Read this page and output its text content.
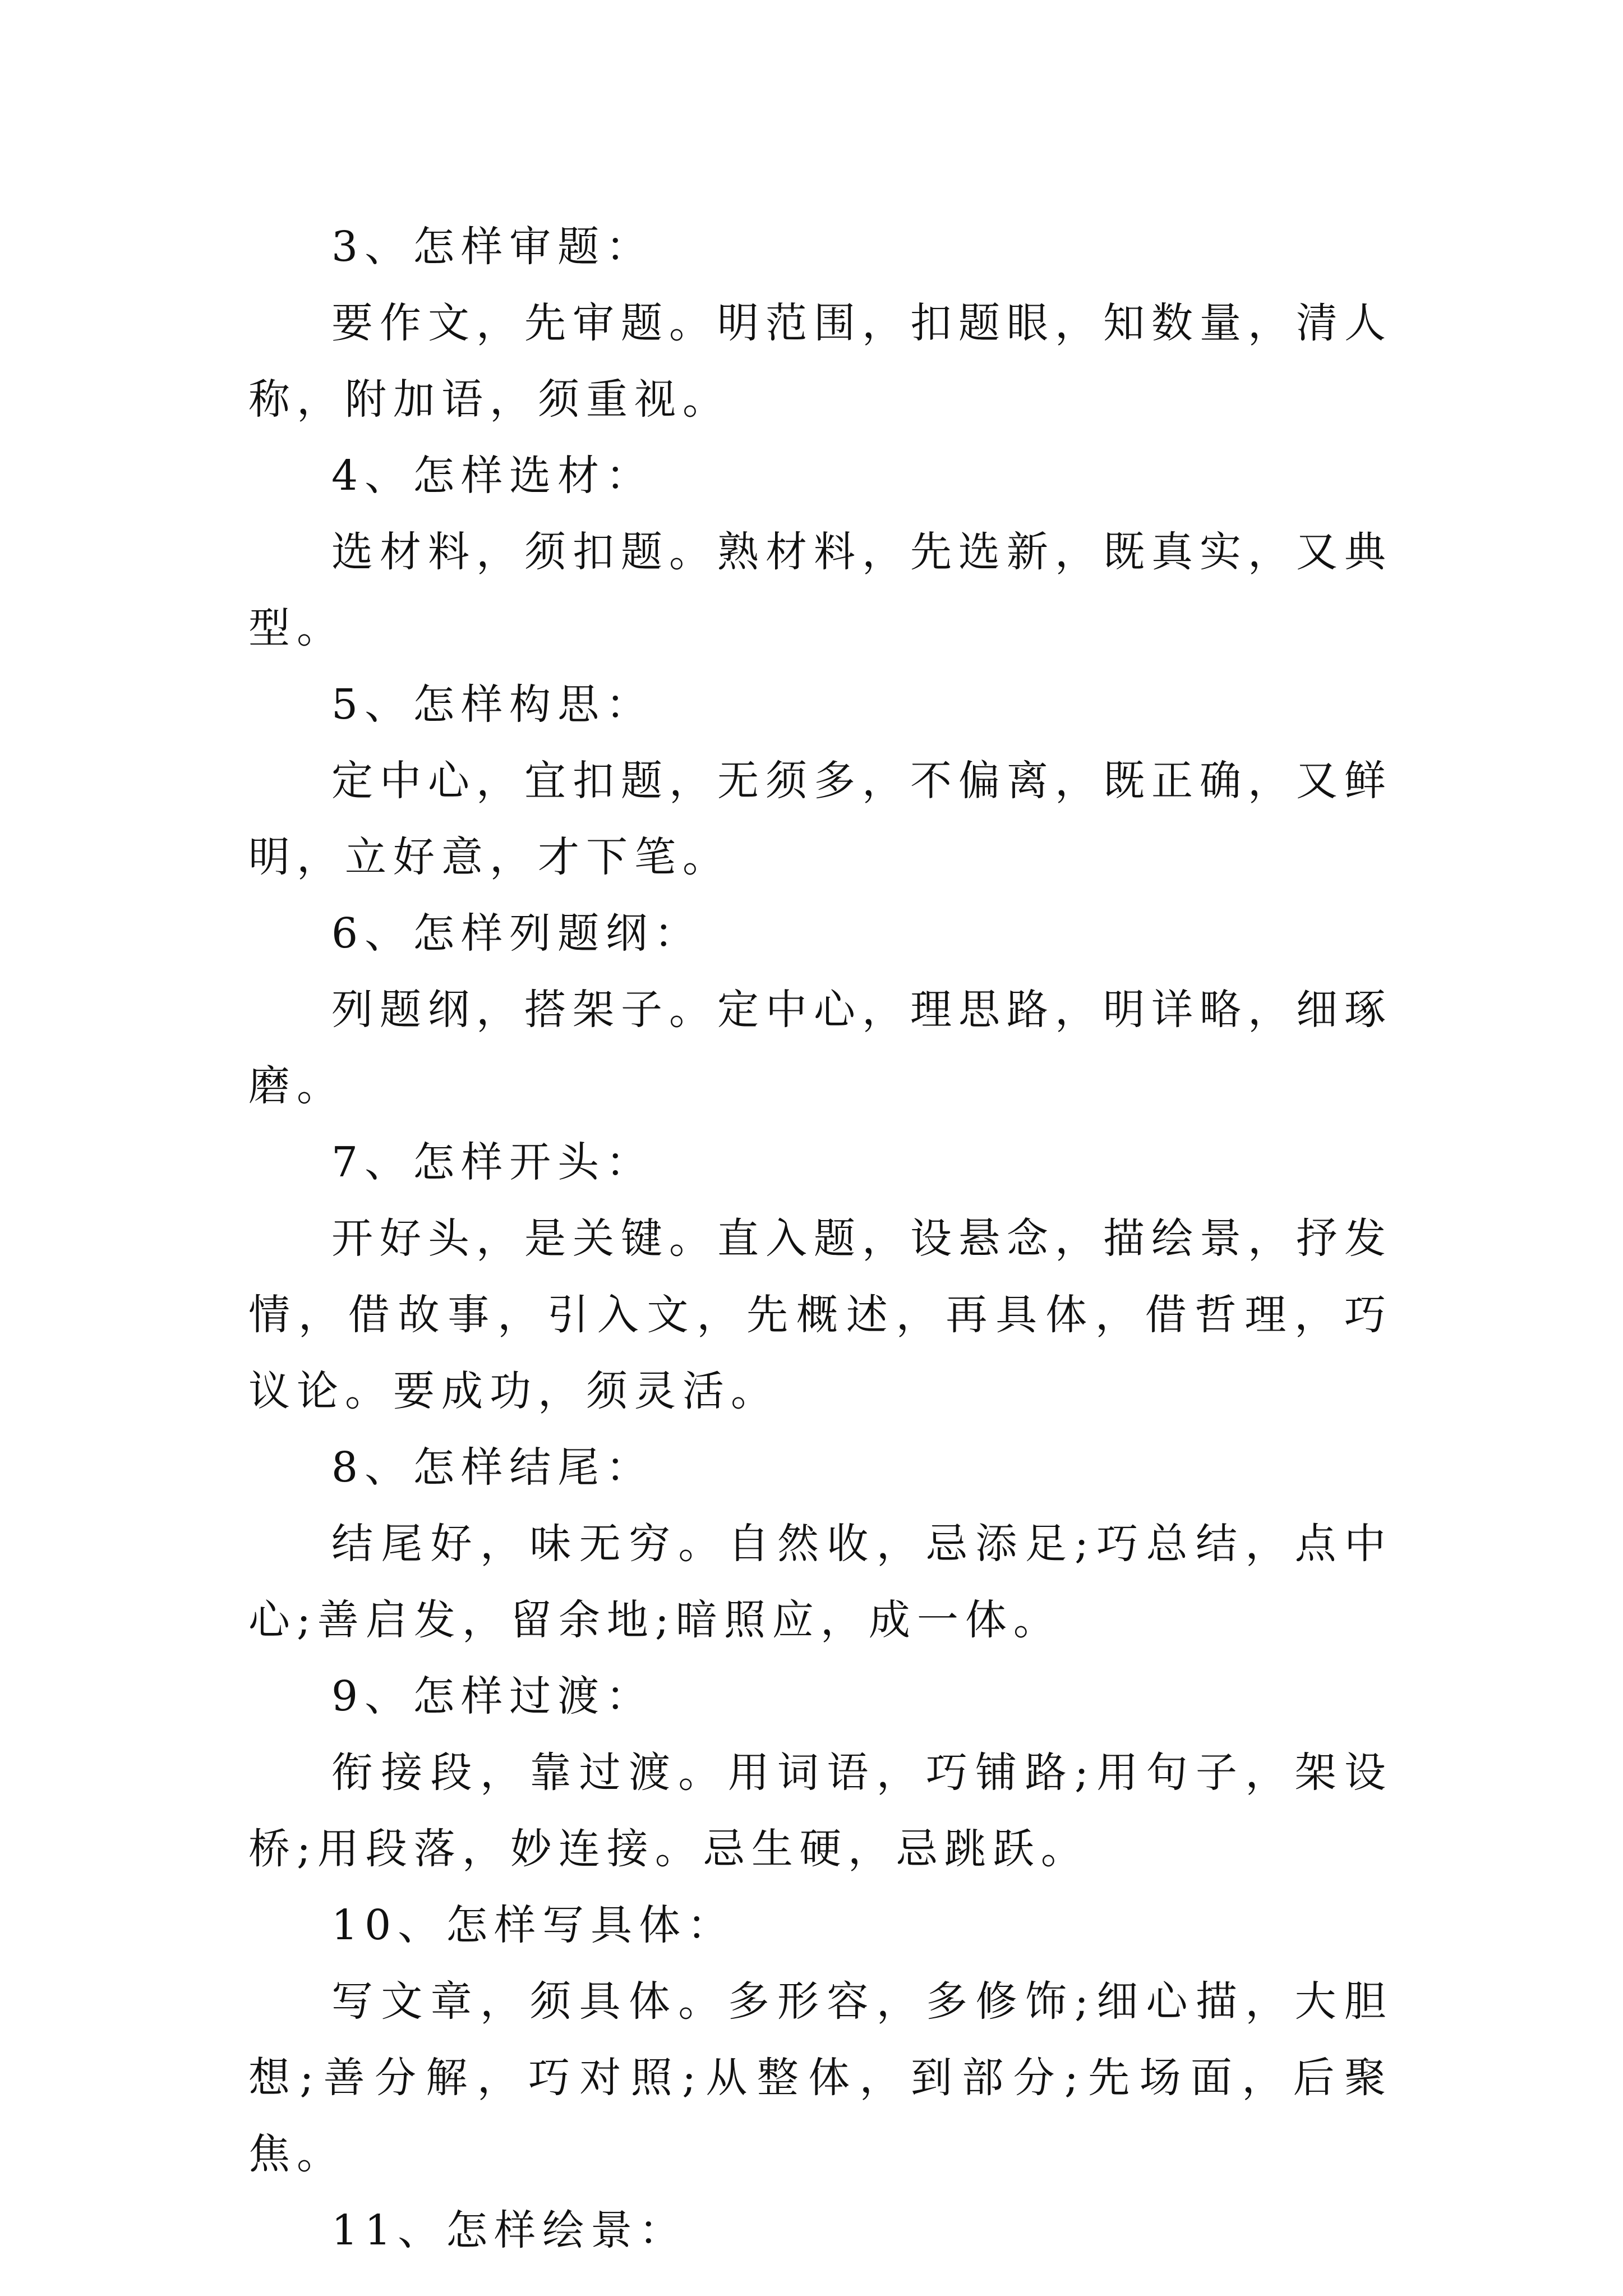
3、怎样审题：

要作文，先审题。明范围，扣题眼，知数量，清人称，附加语，须重视。

4、怎样选材：

选材料，须扣题。熟材料，先选新，既真实，又典型。

5、怎样构思：

定中心，宜扣题，无须多，不偏离，既正确，又鲜明，立好意，才下笔。

6、怎样列题纲：

列题纲，搭架子。定中心，理思路，明详略，细琢磨。

7、怎样开头：

开好头，是关键。直入题，设悬念，描绘景，抒发情，借故事，引入文，先概述，再具体，借哲理，巧议论。要成功，须灵活。

8、怎样结尾：

结尾好，味无穷。自然收，忌添足;巧总结，点中心;善启发，留余地;暗照应，成一体。

9、怎样过渡：

衔接段，靠过渡。用词语，巧铺路;用句子，架设桥;用段落，妙连接。忌生硬，忌跳跃。

10、怎样写具体：

写文章，须具体。多形容，多修饰;细心描，大胆想;善分解，巧对照;从整体，到部分;先场面，后聚焦。

11、怎样绘景：
